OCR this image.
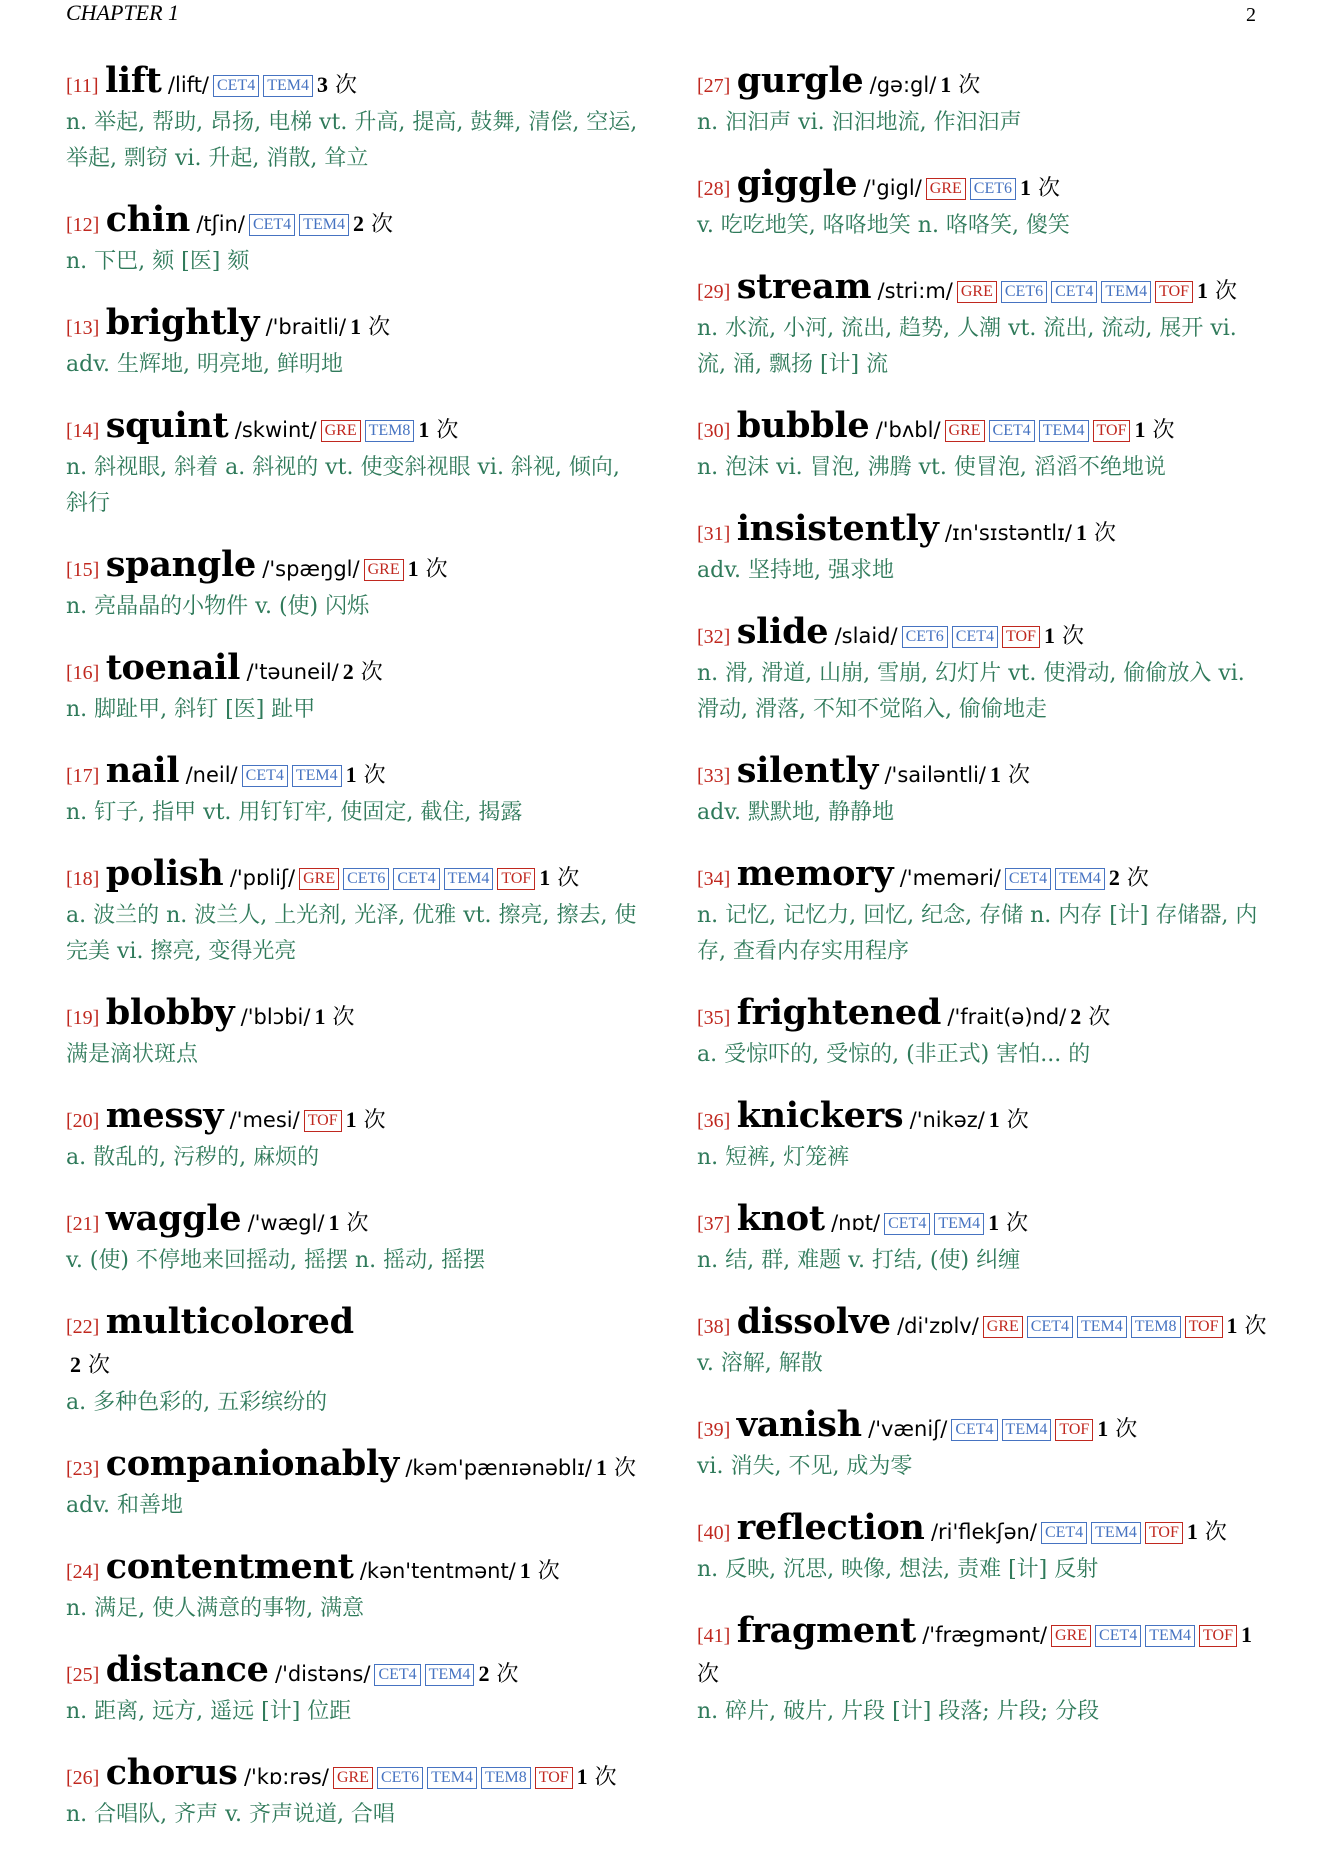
CHAPTER 1	2
[11] lift /lift/ CET4 TEM4 3 次
n. 举起, 帮助, 昂扬, 电梯 vt. 升高, 提高, 鼓舞, 清偿, 空运, 举起, 剽窃 vi. 升起, 消散, 耸立
[12] chin /tʃin/ CET4 TEM4 2 次
n. 下巴, 颏 [医] 颏
[13] brightly /'braitli/ 1 次
adv. 生辉地, 明亮地, 鲜明地
[14] squint /skwint/ GRE TEM8 1 次
n. 斜视眼, 斜着 a. 斜视的 vt. 使变斜视眼 vi. 斜视, 倾向, 斜行
[15] spangle /'spæŋgl/ GRE 1 次
n. 亮晶晶的小物件 v. (使) 闪烁
[16] toenail /'təuneil/ 2 次
n. 脚趾甲, 斜钉 [医] 趾甲
[17] nail /neil/ CET4 TEM4 1 次
n. 钉子, 指甲 vt. 用钉钉牢, 使固定, 截住, 揭露
[18] polish /'pɒliʃ/ GRE CET6 CET4 TEM4 TOF 1 次
a. 波兰的 n. 波兰人, 上光剂, 光泽, 优雅 vt. 擦亮, 擦去, 使完美 vi. 擦亮, 变得光亮
[19] blobby /'blɔbi/ 1 次
满是滴状斑点
[20] messy /'mesi/ TOF 1 次
a. 散乱的, 污秽的, 麻烦的
[21] waggle /'wægl/ 1 次
v. (使) 不停地来回摇动, 摇摆 n. 摇动, 摇摆
[22] multicolored
2 次
a. 多种色彩的, 五彩缤纷的
[23] companionably /kəm'pænɪənəblɪ/ 1 次
adv. 和善地
[24] contentment /kən'tentmənt/ 1 次
n. 满足, 使人满意的事物, 满意
[25] distance /'distəns/ CET4 TEM4 2 次
n. 距离, 远方, 遥远 [计] 位距
[26] chorus /'kɒ:rəs/ GRE CET6 TEM4 TEM8 TOF 1 次
n. 合唱队, 齐声 v. 齐声说道, 合唱
[27] gurgle /gə:gl/ 1 次
n. 汩汩声 vi. 汩汩地流, 作汩汩声
[28] giggle /'gigl/ GRE CET6 1 次
v. 吃吃地笑, 咯咯地笑 n. 咯咯笑, 傻笑
[29] stream /stri:m/ GRE CET6 CET4 TEM4 TOF 1 次
n. 水流, 小河, 流出, 趋势, 人潮 vt. 流出, 流动, 展开 vi. 流, 涌, 飘扬 [计] 流
[30] bubble /'bʌbl/ GRE CET4 TEM4 TOF 1 次
n. 泡沫 vi. 冒泡, 沸腾 vt. 使冒泡, 滔滔不绝地说
[31] insistently /ɪn'sɪstəntlɪ/ 1 次
adv. 坚持地, 强求地
[32] slide /slaid/ CET6 CET4 TOF 1 次
n. 滑, 滑道, 山崩, 雪崩, 幻灯片 vt. 使滑动, 偷偷放入 vi. 滑动, 滑落, 不知不觉陷入, 偷偷地走
[33] silently /'sailəntli/ 1 次
adv. 默默地, 静静地
[34] memory /'meməri/ CET4 TEM4 2 次
n. 记忆, 记忆力, 回忆, 纪念, 存储 n. 内存 [计] 存储器, 内存, 查看内存实用程序
[35] frightened /'frait(ə)nd/ 2 次
a. 受惊吓的, 受惊的, (非正式) 害怕... 的
[36] knickers /'nikəz/ 1 次
n. 短裤, 灯笼裤
[37] knot /nɒt/ CET4 TEM4 1 次
n. 结, 群, 难题 v. 打结, (使) 纠缠
[38] dissolve /di'zɒlv/ GRE CET4 TEM4 TEM8 TOF 1 次
v. 溶解, 解散
[39] vanish /'væniʃ/ CET4 TEM4 TOF 1 次
vi. 消失, 不见, 成为零
[40] reflection /ri'flekʃən/ CET4 TEM4 TOF 1 次
n. 反映, 沉思, 映像, 想法, 责难 [计] 反射
[41] fragment /'frægmənt/ GRE CET4 TEM4 TOF 1 次
n. 碎片, 破片, 片段 [计] 段落; 片段; 分段
